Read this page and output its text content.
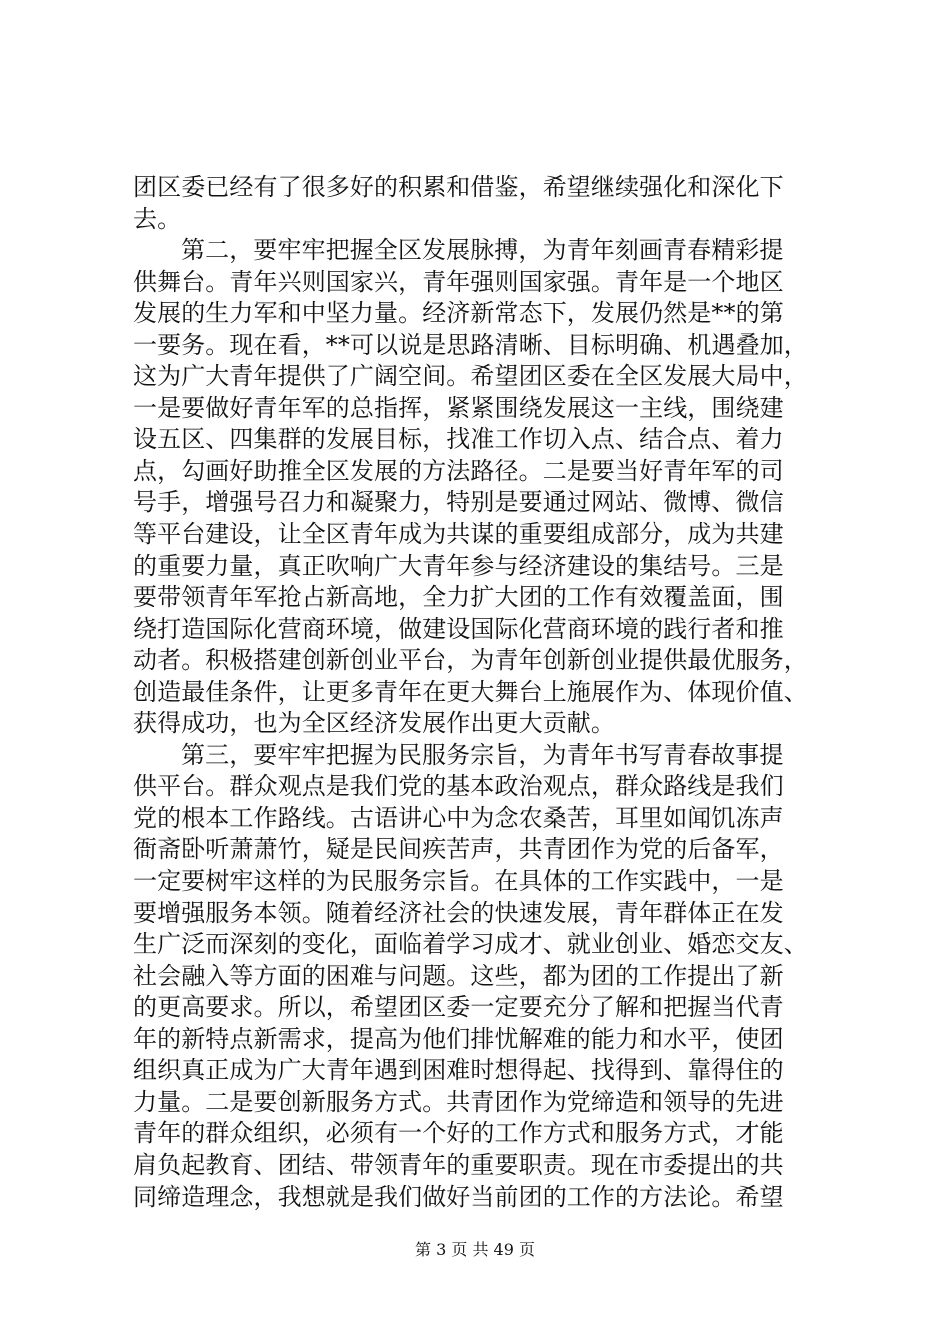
团区委已经有了很多好的积累和借鉴，希望继续强化和深化下
去。

第二，要牢牢把握全区发展脉搏，为青年刻画青春精彩提
供舞台。青年兴则国家兴，青年强则国家强。青年是一个地区
发展的生力军和中坚力量。经济新常态下，发展仍然是**的第
一要务。现在看，**可以说是思路清晰、目标明确、机遇叠加，
这为广大青年提供了广阔空间。希望团区委在全区发展大局中，
一是要做好青年军的总指挥，紧紧围绕发展这一主线，围绕建
设五区、四集群的发展目标，找准工作切入点、结合点、着力
点，勾画好助推全区发展的方法路径。二是要当好青年军的司
号手，增强号召力和凝聚力，特别是要通过网站、微博、微信
等平台建设，让全区青年成为共谋的重要组成部分，成为共建
的重要力量，真正吹响广大青年参与经济建设的集结号。三是
要带领青年军抢占新高地，全力扩大团的工作有效覆盖面，围
绕打造国际化营商环境，做建设国际化营商环境的践行者和推
动者。积极搭建创新创业平台，为青年创新创业提供最优服务，
创造最佳条件，让更多青年在更大舞台上施展作为、体现价值、
获得成功，也为全区经济发展作出更大贡献。

第三，要牢牢把握为民服务宗旨，为青年书写青春故事提
供平台。群众观点是我们党的基本政治观点，群众路线是我们
党的根本工作路线。古语讲心中为念农桑苦，耳里如闻饥冻声
衙斋卧听萧萧竹，疑是民间疾苦声，共青团作为党的后备军，
一定要树牢这样的为民服务宗旨。在具体的工作实践中，一是
要增强服务本领。随着经济社会的快速发展，青年群体正在发
生广泛而深刻的变化，面临着学习成才、就业创业、婚恋交友、
社会融入等方面的困难与问题。这些，都为团的工作提出了新
的更高要求。所以，希望团区委一定要充分了解和把握当代青
年的新特点新需求，提高为他们排忧解难的能力和水平，使团
组织真正成为广大青年遇到困难时想得起、找得到、靠得住的
力量。二是要创新服务方式。共青团作为党缔造和领导的先进
青年的群众组织，必须有一个好的工作方式和服务方式，才能
肩负起教育、团结、带领青年的重要职责。现在市委提出的共
同缔造理念，我想就是我们做好当前团的工作的方法论。希望

第 3 页 共 49 页
